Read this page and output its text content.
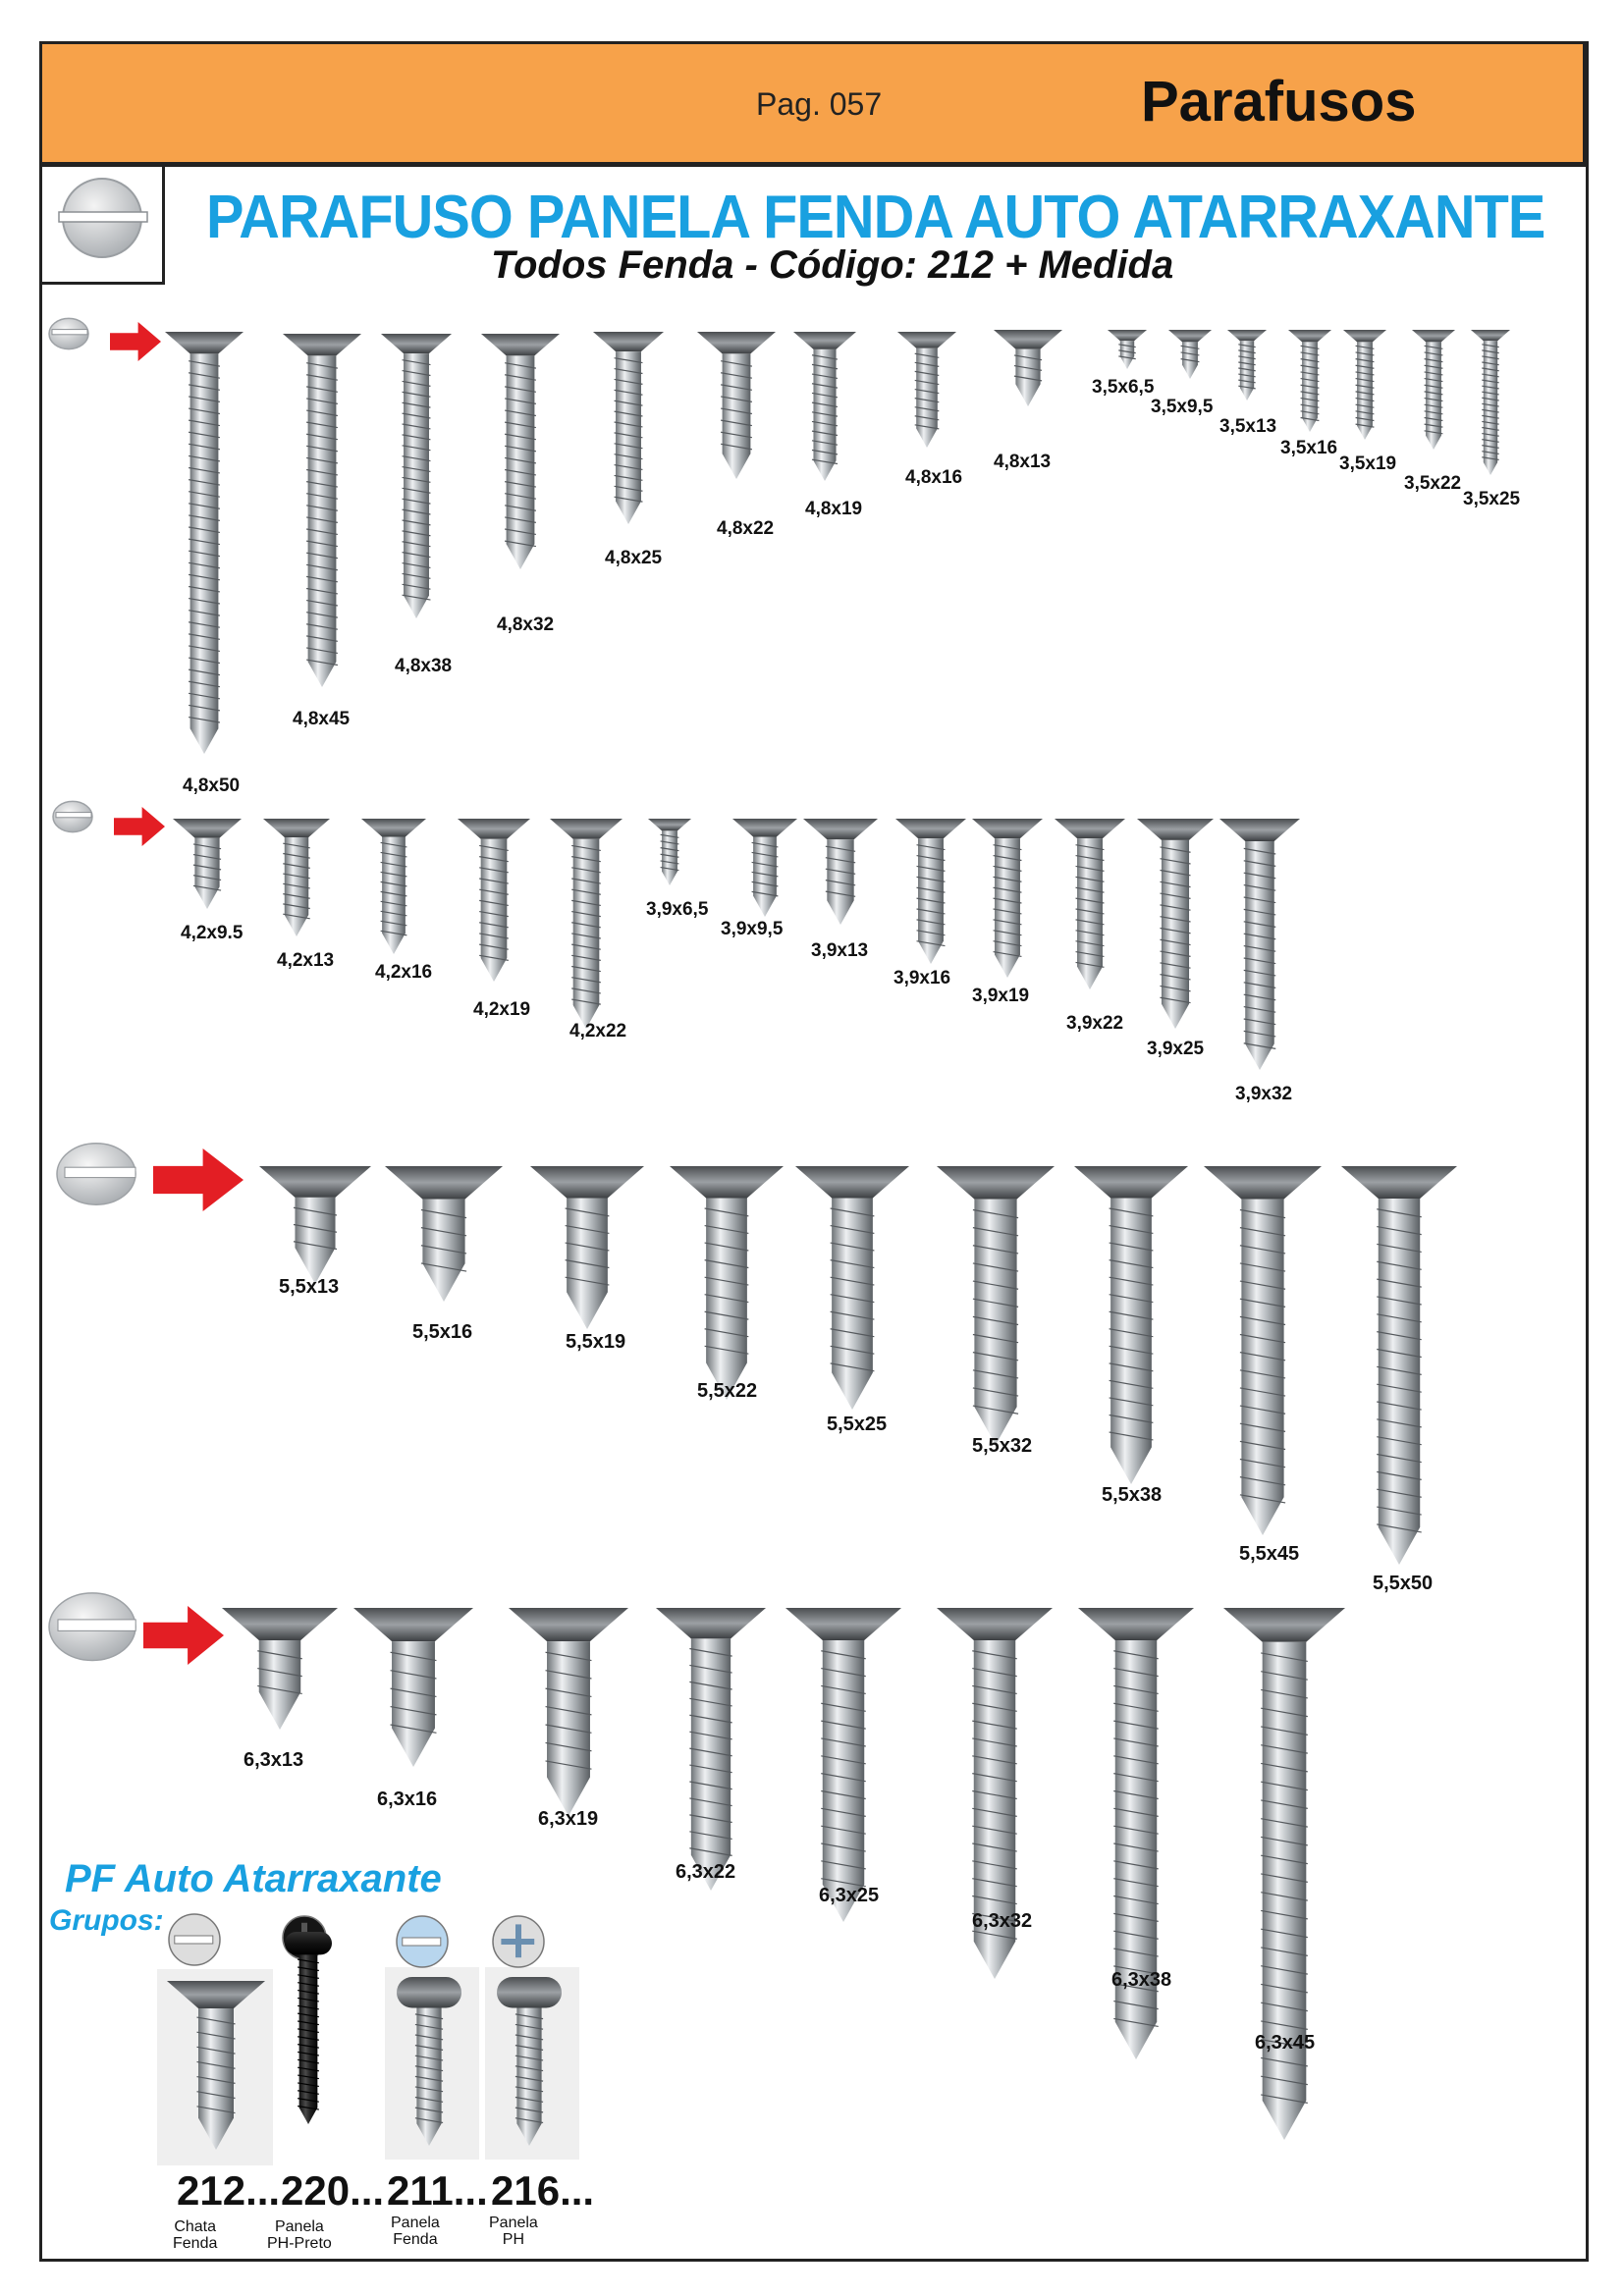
Pag. 057	Parafusos
PARAFUSO PANELA FENDA AUTO ATARRAXANTE
Todos Fenda - Código: 212 + Medida
4,8x50
4,8x45
4,8x38
4,8x32
4,8x25
4,8x22
4,8x19
4,8x16
4,8x13
3,5x6,5
3,5x9,5
3,5x13
3,5x16
3,5x19
3,5x22
3,5x25
4,2x9.5
4,2x13
4,2x16
4,2x19
4,2x22
3,9x6,5
3,9x9,5
3,9x13
3,9x16
3,9x19
3,9x22
3,9x25
3,9x32
5,5x13
5,5x16	5,5x19
5,5x22
5,5x25
5,5x32
5,5x38
5,5x45
5,5x50
6,3x13
6,3x16
6,3x19
6,3x22
6,3x25
6,3x32
6,3x38
6,3x45
PF Auto Atarraxante
Grupos:
212...
Chata
Fenda
220...
Panela
PH-Preto
211...
Panela
Fenda
216...
Panela
PH
